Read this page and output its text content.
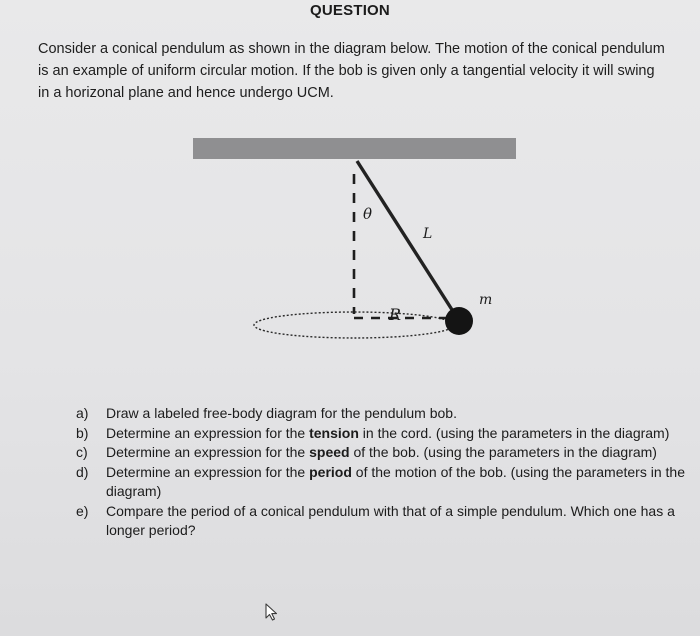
QUESTION
Consider a conical pendulum as shown in the diagram below. The motion of the conical pendulum is an example of uniform circular motion. If the bob is given only a tangential velocity it will swing in a horizonal plane and hence undergo UCM.
θ
L
R
m
a) Draw a labeled free-body diagram for the pendulum bob.
b) Determine an expression for the tension in the cord. (using the parameters in the diagram)
c) Determine an expression for the speed of the bob. (using the parameters in the diagram)
d) Determine an expression for the period of the motion of the bob. (using the parameters in the diagram)
e) Compare the period of a conical pendulum with that of a simple pendulum. Which one has a longer period?
